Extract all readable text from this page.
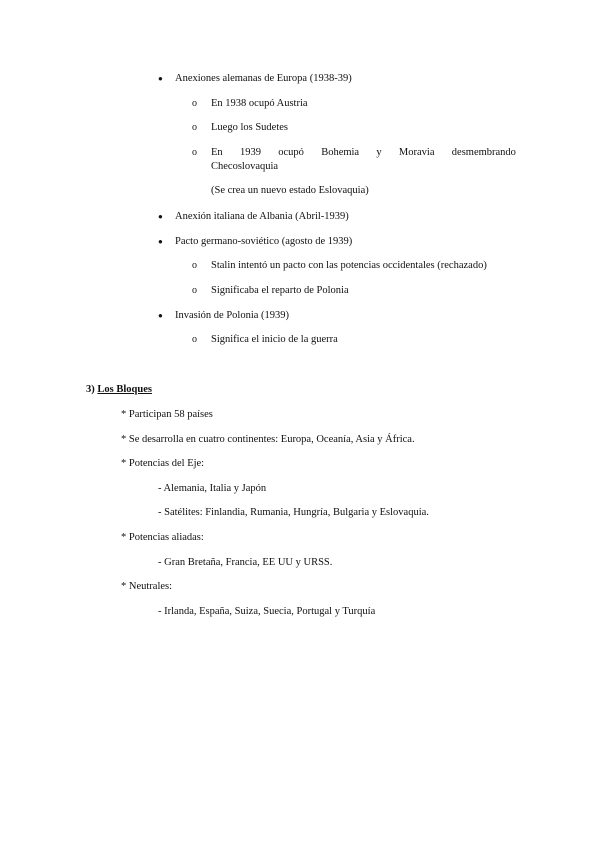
● Anexiones alemanas de Europa (1938-39)
o En 1938 ocupó Austria
o Luego los Sudetes
o En 1939 ocupó Bohemia y Moravia desmembrando
Checoslovaquia
(Se crea un nuevo estado Eslovaquia)
● Anexión italiana de Albania (Abril-1939)
● Pacto germano-soviético (agosto de 1939)
o Stalin intentó un pacto con las potencias occidentales (rechazado)
o Significaba el reparto de Polonia
● Invasión de Polonia (1939)
o Significa el inicio de la guerra
3) Los Bloques
* Participan 58 países
* Se desarrolla en cuatro continentes: Europa, Oceanía, Asia y África.
* Potencias del Eje:
- Alemania, Italia y Japón
- Satélites: Finlandia, Rumania, Hungría, Bulgaria y Eslovaquia.
* Potencias aliadas:
- Gran Bretaña, Francia, EE UU y URSS.
* Neutrales:
- Irlanda, España, Suiza, Suecia, Portugal y Turquía
